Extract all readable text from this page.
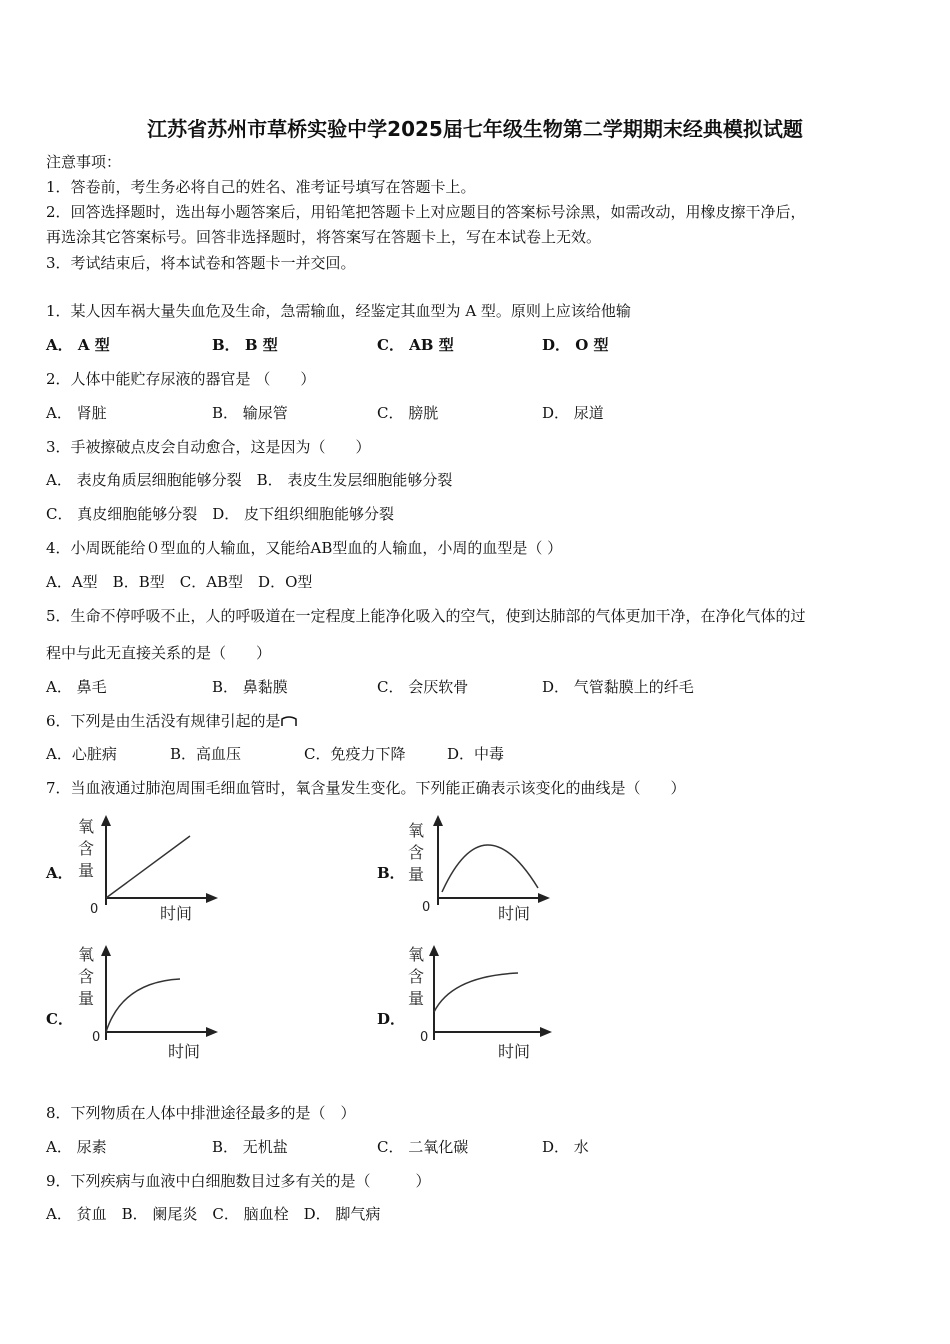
江苏省苏州市草桥实验中学2025届七年级生物第二学期期末经典模拟试题
注意事项：
1．答卷前，考生务必将自己的姓名、准考证号填写在答题卡上。
2．回答选择题时，选出每小题答案后，用铅笔把答题卡上对应题目的答案标号涂黑，如需改动，用橡皮擦干净后，
再选涂其它答案标号。回答非选择题时，将答案写在答题卡上，写在本试卷上无效。
3．考试结束后，将本试卷和答题卡一并交回。
1．某人因车祸大量失血危及生命，急需输血，经鉴定其血型为 A 型。原则上应该给他输
A． A 型	B． B 型	C． AB 型	D． O 型
2．人体中能贮存尿液的器官是 （　　）
A． 肾脏	B． 输尿管	C． 膀胱	D． 尿道
3．手被擦破点皮会自动愈合，这是因为（　　）
A． 表皮角质层细胞能够分裂　B． 表皮生发层细胞能够分裂
C． 真皮细胞能够分裂　D． 皮下组织细胞能够分裂
4．小周既能给０型血的人输血，又能给AB型血的人输血，小周的血型是（ ）
A．A型　B．B型　C．AB型　D．O型
5．生命不停呼吸不止，人的呼吸道在一定程度上能净化吸入的空气，使到达肺部的气体更加干净，在净化气体的过
程中与此无直接关系的是（　　）
A． 鼻毛	B． 鼻黏膜	C． 会厌软骨	D． 气管黏膜上的纤毛
6．下列是由生活没有规律引起的是
A．心脏病	B．高血压	C．免疫力下降	D．中毒
7．当血液通过肺泡周围毛细血管时，氧含量发生变化。下列能正确表示该变化的曲线是（　　）
A．
氧
含
量
0	时间
B．
氧
含
量
0	时间
C．
氧
含
量
0
时间
D．
氧
含
量
0
时间
8．下列物质在人体中排泄途径最多的是（　）
A． 尿素	B． 无机盐	C． 二氧化碳	D． 水
9．下列疾病与血液中白细胞数目过多有关的是（　　　）
A． 贫血　B． 阑尾炎　C． 脑血栓　D． 脚气病
